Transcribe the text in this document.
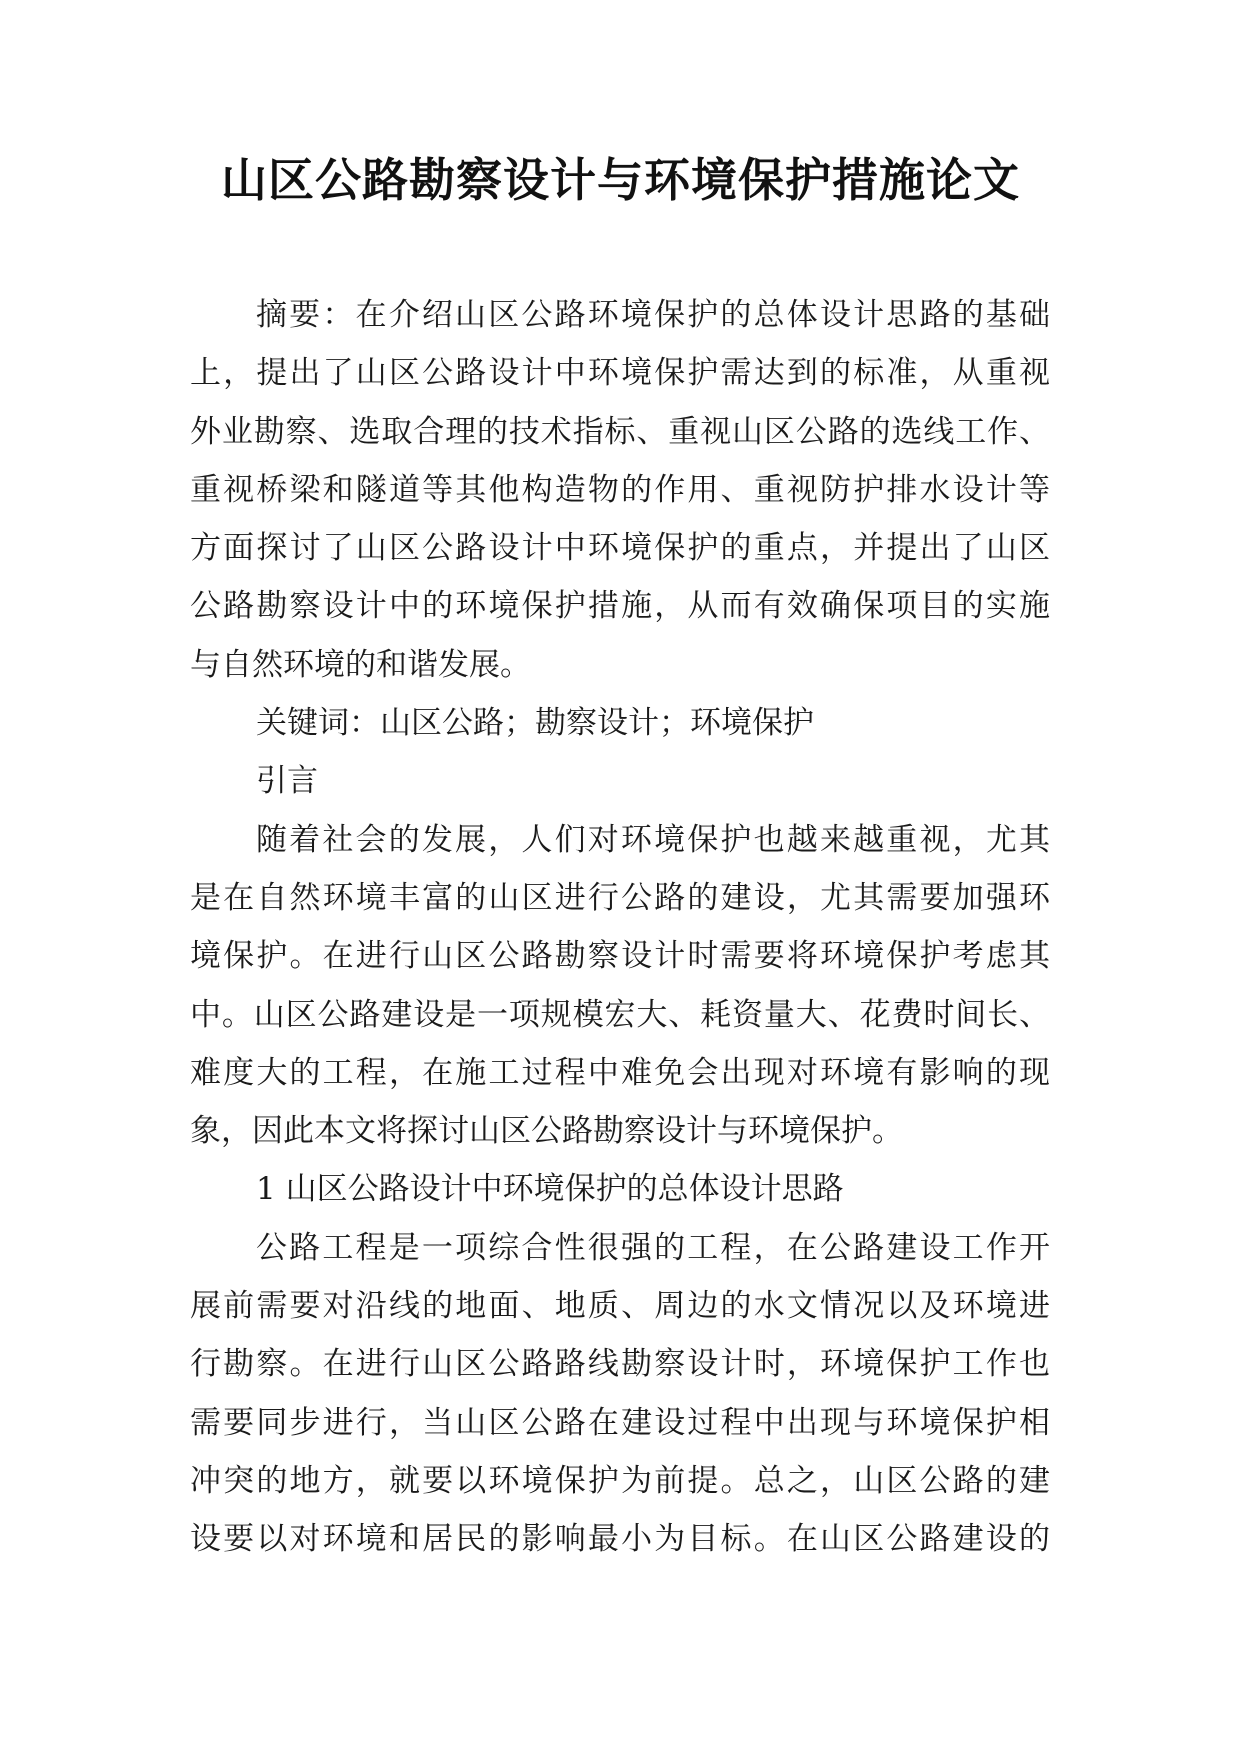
山区公路勘察设计与环境保护措施论文
摘要：在介绍山区公路环境保护的总体设计思路的基础
上，提出了山区公路设计中环境保护需达到的标准，从重视
外业勘察、选取合理的技术指标、重视山区公路的选线工作、
重视桥梁和隧道等其他构造物的作用、重视防护排水设计等
方面探讨了山区公路设计中环境保护的重点，并提出了山区
公路勘察设计中的环境保护措施，从而有效确保项目的实施
与自然环境的和谐发展。
关键词：山区公路；勘察设计；环境保护
引言
随着社会的发展，人们对环境保护也越来越重视，尤其
是在自然环境丰富的山区进行公路的建设，尤其需要加强环
境保护。在进行山区公路勘察设计时需要将环境保护考虑其
中。山区公路建设是一项规模宏大、耗资量大、花费时间长、
难度大的工程，在施工过程中难免会出现对环境有影响的现
象，因此本文将探讨山区公路勘察设计与环境保护。
1 山区公路设计中环境保护的总体设计思路
公路工程是一项综合性很强的工程，在公路建设工作开
展前需要对沿线的地面、地质、周边的水文情况以及环境进
行勘察。在进行山区公路路线勘察设计时，环境保护工作也
需要同步进行，当山区公路在建设过程中出现与环境保护相
冲突的地方，就要以环境保护为前提。总之，山区公路的建
设要以对环境和居民的影响最小为目标。在山区公路建设的
